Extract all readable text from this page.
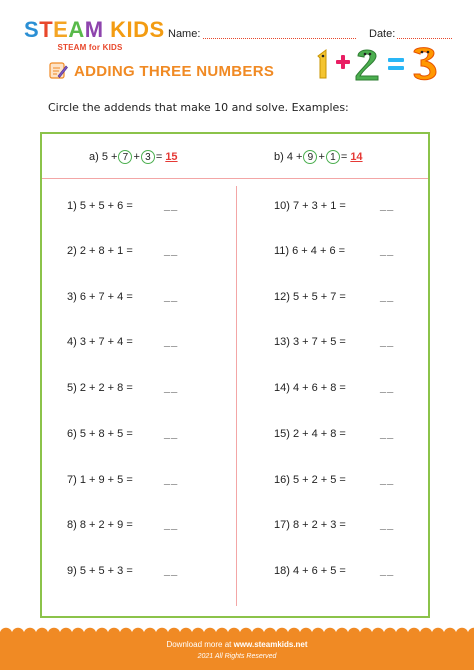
STEAM KIDS
STEAM for KIDS
Name:	Date:
ADDING THREE NUMBERS
Circle the addends that make 10 and solve. Examples:
a) 5 + 7 + 3 = 15	b) 4 + 9 + 1 = 14
1) 5 + 5 + 6 =
2) 2 + 8 + 1 =
3) 6 + 7 + 4 =
4) 3 + 7 + 4 =
5) 2 + 2 + 8 =
6) 5 + 8 + 5 =
7) 1 + 9 + 5 =
8) 8 + 2 + 9 =
9) 5 + 5 + 3 =
__
__
__
__
__
__
__
__
__
10) 7 + 3 + 1 =
11) 6 + 4 + 6 =
12) 5 + 5 + 7 =
13) 3 + 7 + 5 =
14) 4 + 6 + 8 =
15) 2 + 4 + 8 =
16) 5 + 2 + 5 =
17) 8 + 2 + 3 =
18) 4 + 6 + 5 =
__
__
__
__
__
__
__
__
__
Download more at www.steamkids.net
2021 All Rights Reserved
